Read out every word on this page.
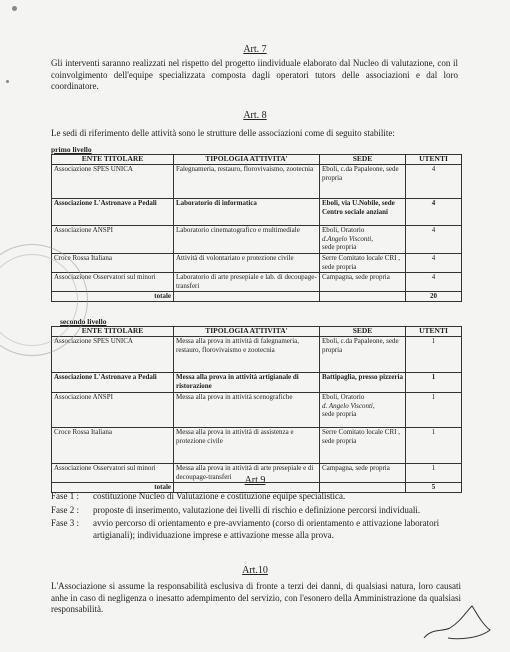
Art. 7
Gli interventi saranno realizzati nel rispetto del progetto iindividuale elaborato dal Nucleo di valutazione, con il coinvolgimento dell'equipe specializzata composta dagli operatori tutors delle associazioni e dal loro coordinatore.
Art. 8
Le sedi di riferimento delle attività sono le strutture delle associazioni come di seguito stabilite:
primo livello
ENTE TITOLARE	TIPOLOGIA ATTIVITA'	SEDE	UTENTI
Associazione SPES UNICA	Falegnameria, restauro, florovivaismo, zootecnia	Eboli, c.da Papaleone, sede propria	4
Associazione L'Astronave a Pedali	Laboratorio di informatica	Eboli, via U.Nobile, sede Centro sociale anziani	4
Associazione ANSPI	Laboratorio cinematografico e multimediale	Eboli, Oratorio
d.Angelo Visconti,
sede propria	4
Croce Rossa Italiana	Attività di volontariato e protezione civile	Serre Comitato locale CRI , sede propria	4
Associazione Osservatori sul minori	Laboratorio di arte presepiale e lab. di decoupage-transferi	Campagna, sede propria	4
totale			20
secondo livello
ENTE TITOLARE	TIPOLOGIA ATTIVITA'	SEDE	UTENTI
Associazione SPES UNICA	Messa alla prova in attività di falegnameria, restauro, florovivaismo e zootecnia	Eboli, c.da Papaleone, sede propria	1
Associazione L'Astronave a Pedali	Messa alla prova in attività artigianale di ristorazione	Battipaglia, presso pizzeria	1
Associazione ANSPI	Messa alla prova in attività scenografiche	Eboli, Oratorio
d. Angelo Visconti,
sede propria	1
Croce Rossa Italiana	Messa alla prova in attività di assistenza e protezione civile	Serre Comitato locale CRI , sede propria	1
Associazione Osservatori sul minori	Messa alla prova in attività di arte presepiale e di decoupage-transferi	Campagna, sede propria	1
totale			5
Art.9
Fase 1 :	costituzione Nucleo di Valutazione e costituzione equipe specialistica.
Fase 2 :	proposte di inserimento, valutazione dei livelli di rischio e definizione percorsi individuali.
Fase 3 :	avvio percorso di orientamento e pre-avviamento (corso di orientamento e attivazione laboratori artigianali); individuazione imprese e attivazione messe alla prova.
Art.10
L'Associazione si assume la responsabilità esclusiva di fronte a terzi dei danni, di qualsiasi natura, loro causati anhe in caso di negligenza o inesatto adempimento del servizio, con l'esonero della Amministrazione da qualsiasi responsabilità.
